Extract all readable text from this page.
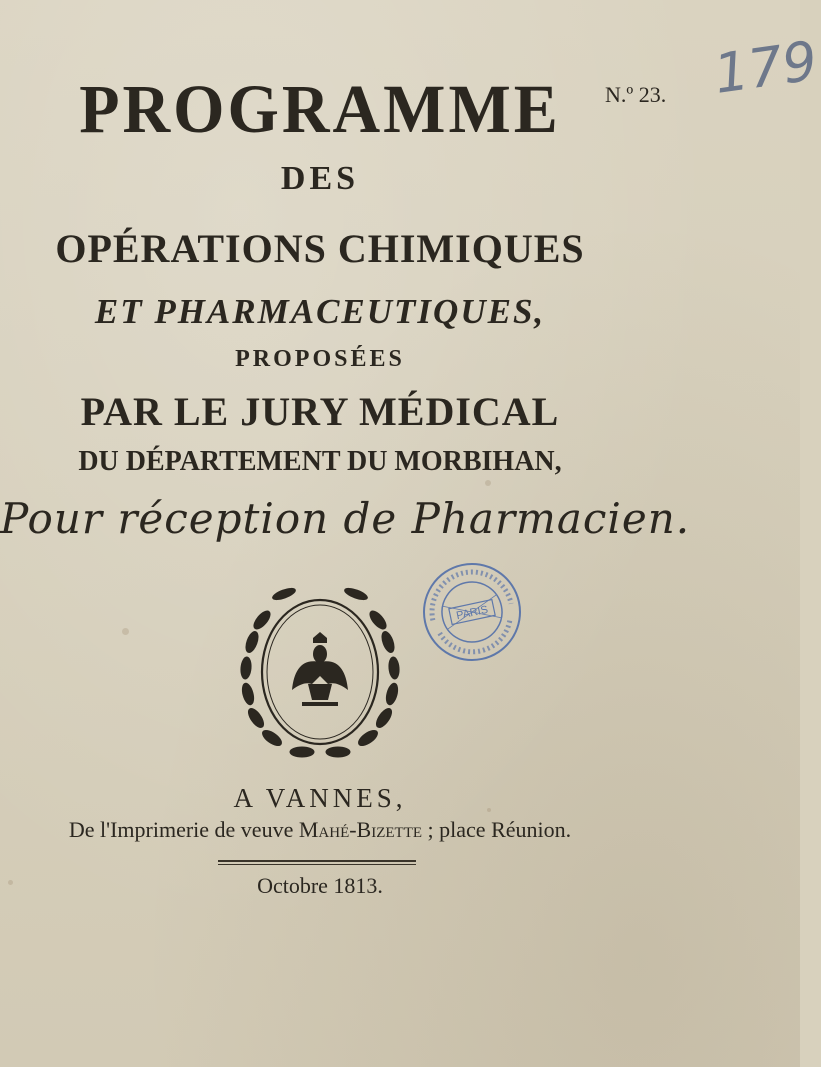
179
N.º 23.
PROGRAMME
DES
OPÉRATIONS CHIMIQUES
ET PHARMACEUTIQUES,
PROPOSÉES
PAR LE JURY MÉDICAL
DU DÉPARTEMENT DU MORBIHAN,
Pour réception de Pharmacien.
PARIS
A VANNES,
De l'Imprimerie de veuve Mahé-Bizette ; place Réunion.
Octobre 1813.
